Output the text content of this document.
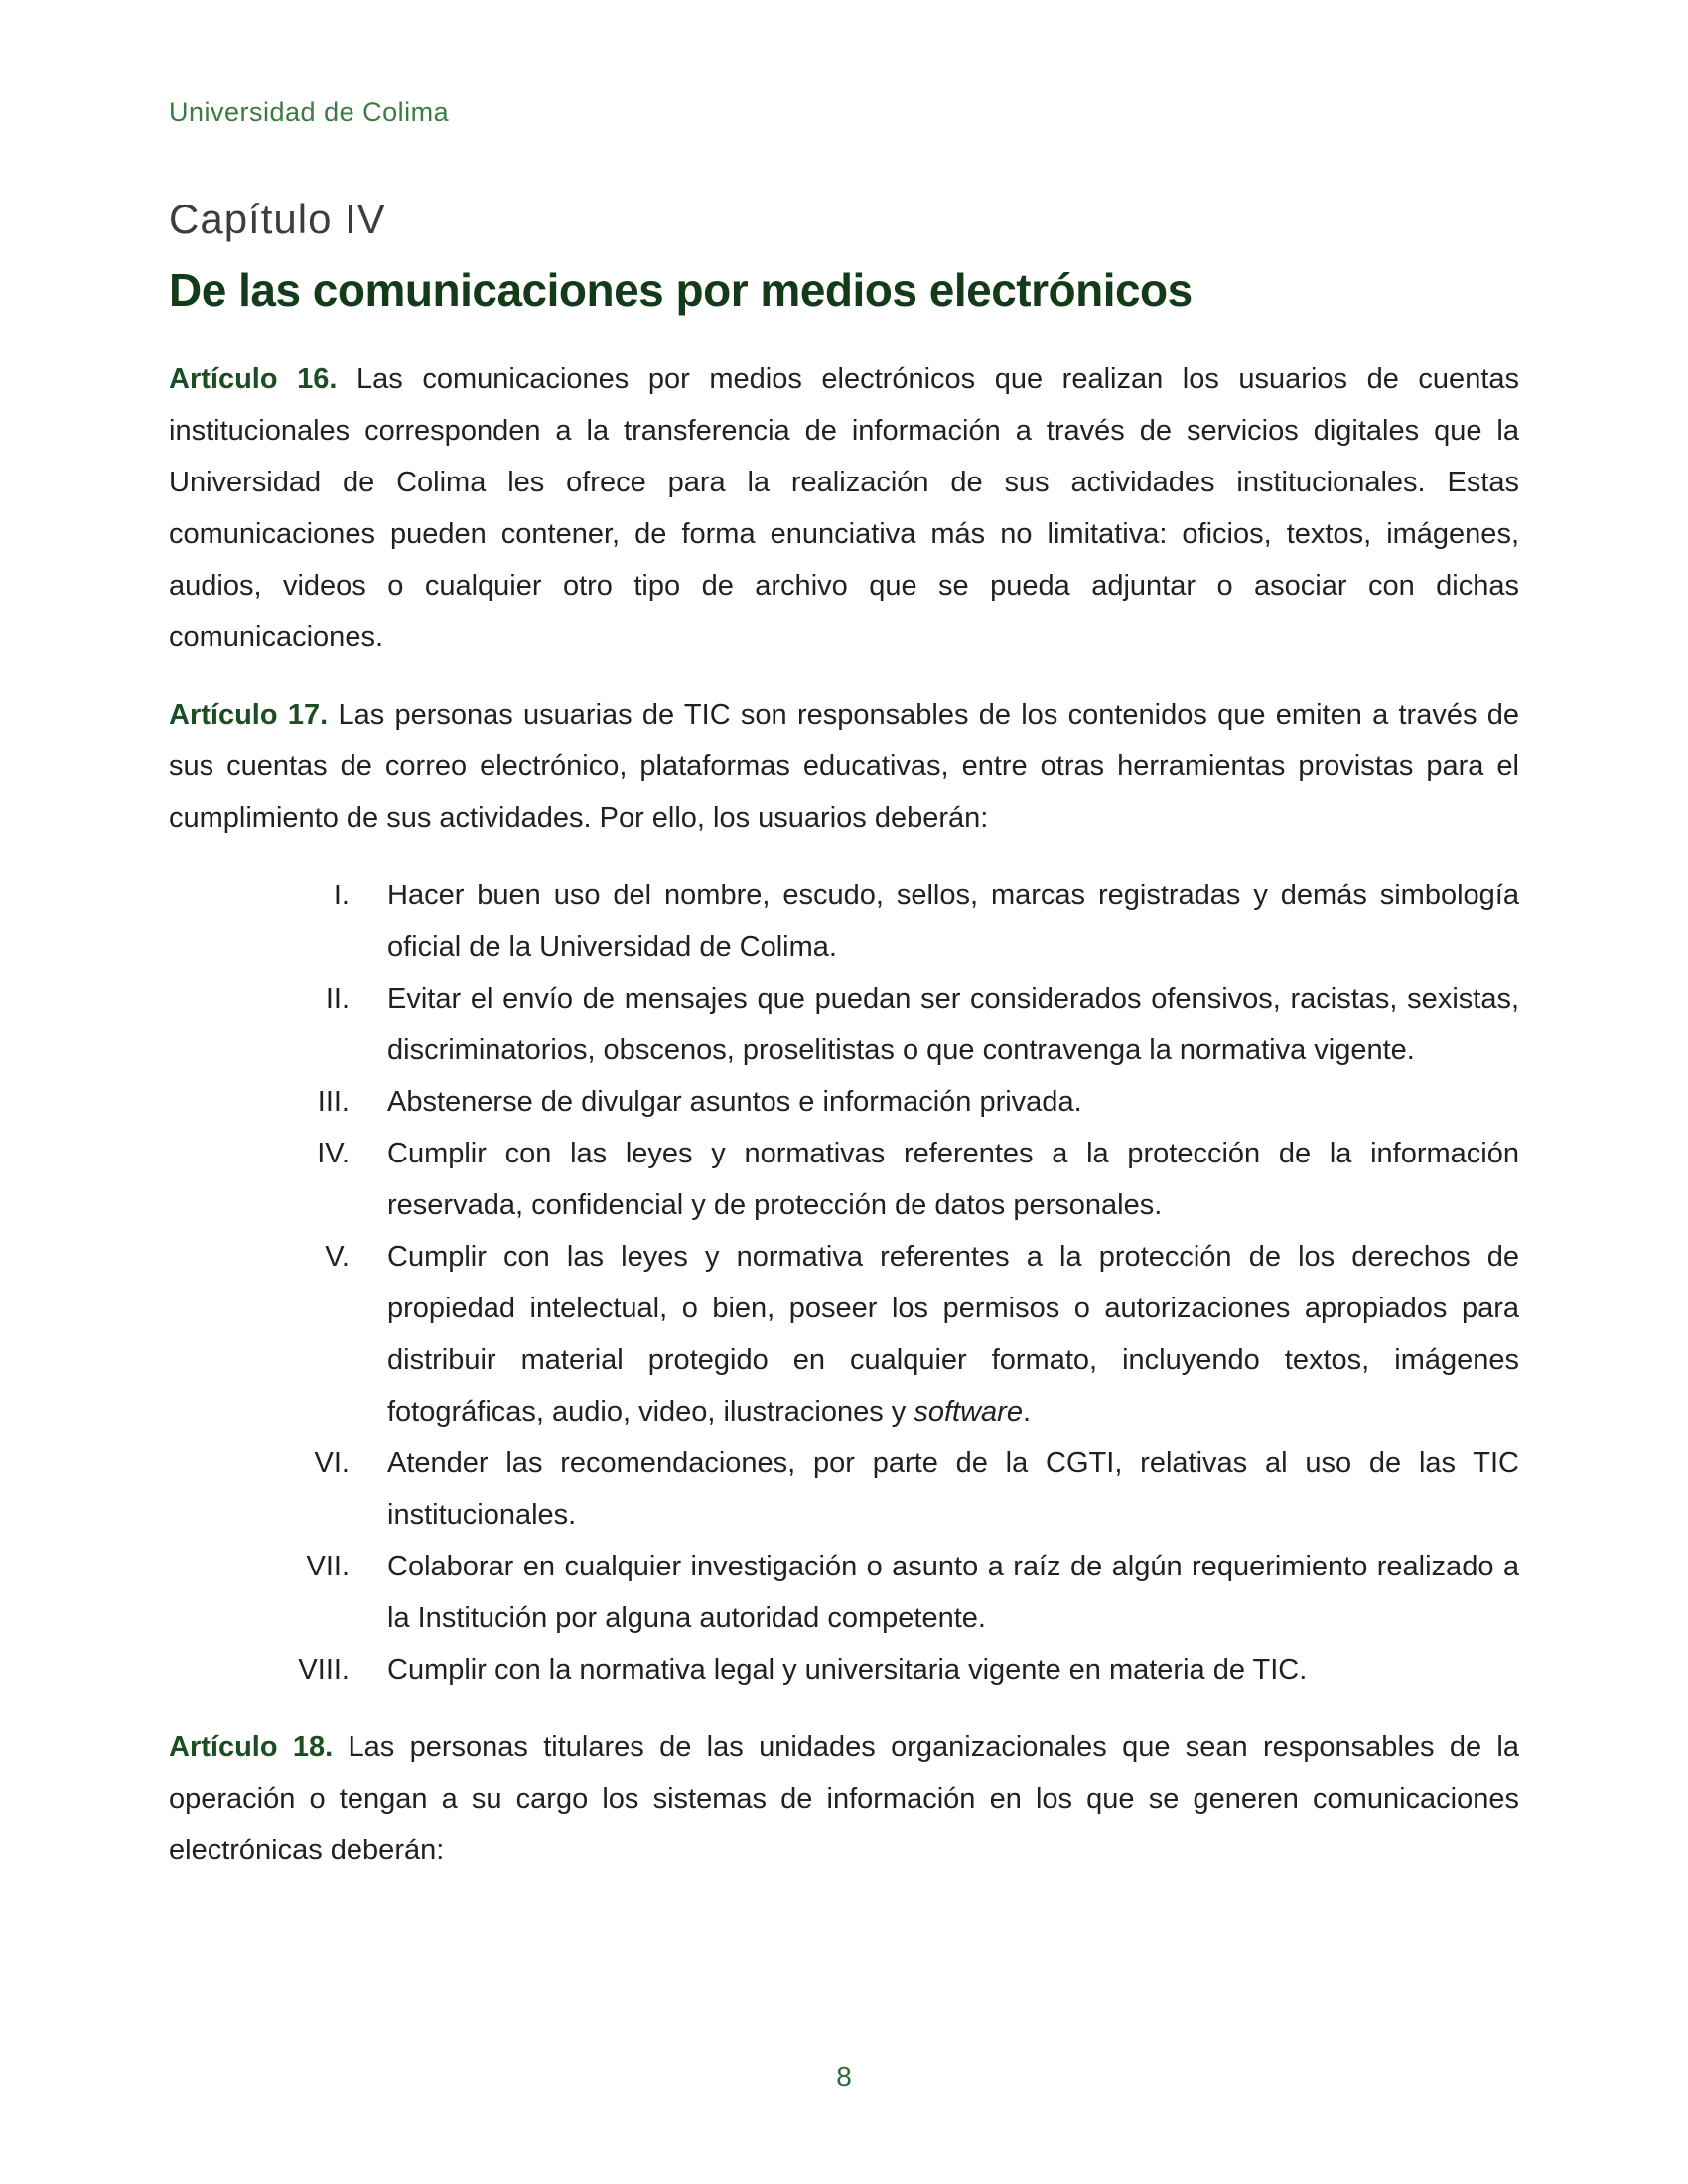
Universidad de Colima

Capítulo IV
De las comunicaciones por medios electrónicos

Artículo 16. Las comunicaciones por medios electrónicos que realizan los usuarios de cuentas institucionales corresponden a la transferencia de información a través de servicios digitales que la Universidad de Colima les ofrece para la realización de sus actividades institucionales. Estas comunicaciones pueden contener, de forma enunciativa más no limitativa: oficios, textos, imágenes, audios, videos o cualquier otro tipo de archivo que se pueda adjuntar o asociar con dichas comunicaciones.

Artículo 17. Las personas usuarias de TIC son responsables de los contenidos que emiten a través de sus cuentas de correo electrónico, plataformas educativas, entre otras herramientas provistas para el cumplimiento de sus actividades. Por ello, los usuarios deberán:

I. Hacer buen uso del nombre, escudo, sellos, marcas registradas y demás simbología oficial de la Universidad de Colima.
II. Evitar el envío de mensajes que puedan ser considerados ofensivos, racistas, sexistas, discriminatorios, obscenos, proselitistas o que contravenga la normativa vigente.
III. Abstenerse de divulgar asuntos e información privada.
IV. Cumplir con las leyes y normativas referentes a la protección de la información reservada, confidencial y de protección de datos personales.
V. Cumplir con las leyes y normativa referentes a la protección de los derechos de propiedad intelectual, o bien, poseer los permisos o autorizaciones apropiados para distribuir material protegido en cualquier formato, incluyendo textos, imágenes fotográficas, audio, video, ilustraciones y software.
VI. Atender las recomendaciones, por parte de la CGTI, relativas al uso de las TIC institucionales.
VII. Colaborar en cualquier investigación o asunto a raíz de algún requerimiento realizado a la Institución por alguna autoridad competente.
VIII. Cumplir con la normativa legal y universitaria vigente en materia de TIC.

Artículo 18. Las personas titulares de las unidades organizacionales que sean responsables de la operación o tengan a su cargo los sistemas de información en los que se generen comunicaciones electrónicas deberán:

8
